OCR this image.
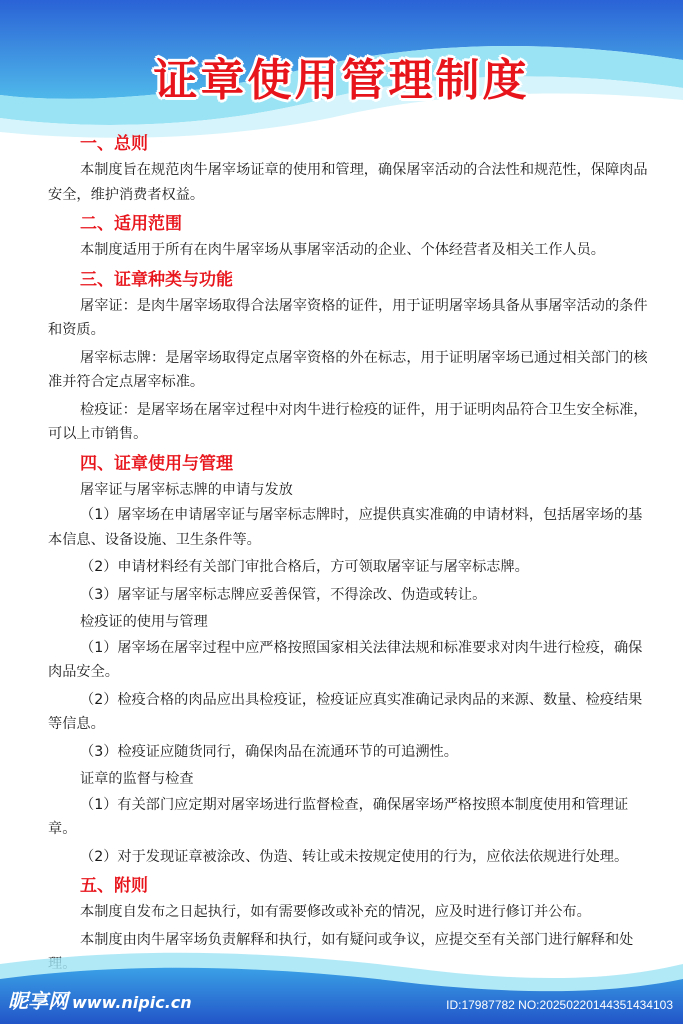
证章使用管理制度
一、总则
本制度旨在规范肉牛屠宰场证章的使用和管理，确保屠宰活动的合法性和规范性，保障肉品安全，维护消费者权益。
二、适用范围
本制度适用于所有在肉牛屠宰场从事屠宰活动的企业、个体经营者及相关工作人员。
三、证章种类与功能
屠宰证：是肉牛屠宰场取得合法屠宰资格的证件，用于证明屠宰场具备从事屠宰活动的条件和资质。
屠宰标志牌：是屠宰场取得定点屠宰资格的外在标志，用于证明屠宰场已通过相关部门的核准并符合定点屠宰标准。
检疫证：是屠宰场在屠宰过程中对肉牛进行检疫的证件，用于证明肉品符合卫生安全标准，可以上市销售。
四、证章使用与管理
屠宰证与屠宰标志牌的申请与发放
（1）屠宰场在申请屠宰证与屠宰标志牌时，应提供真实准确的申请材料，包括屠宰场的基本信息、设备设施、卫生条件等。
（2）申请材料经有关部门审批合格后，方可领取屠宰证与屠宰标志牌。
（3）屠宰证与屠宰标志牌应妥善保管，不得涂改、伪造或转让。
检疫证的使用与管理
（1）屠宰场在屠宰过程中应严格按照国家相关法律法规和标准要求对肉牛进行检疫，确保肉品安全。
（2）检疫合格的肉品应出具检疫证，检疫证应真实准确记录肉品的来源、数量、检疫结果等信息。
（3）检疫证应随货同行，确保肉品在流通环节的可追溯性。
证章的监督与检查
（1）有关部门应定期对屠宰场进行监督检查，确保屠宰场严格按照本制度使用和管理证章。
（2）对于发现证章被涂改、伪造、转让或未按规定使用的行为，应依法依规进行处理。
五、附则
本制度自发布之日起执行，如有需要修改或补充的情况，应及时进行修订并公布。
本制度由肉牛屠宰场负责解释和执行，如有疑问或争议，应提交至有关部门进行解释和处
昵享网 www.nipic.cn	ID:17987782 NO:20250220144351434103
